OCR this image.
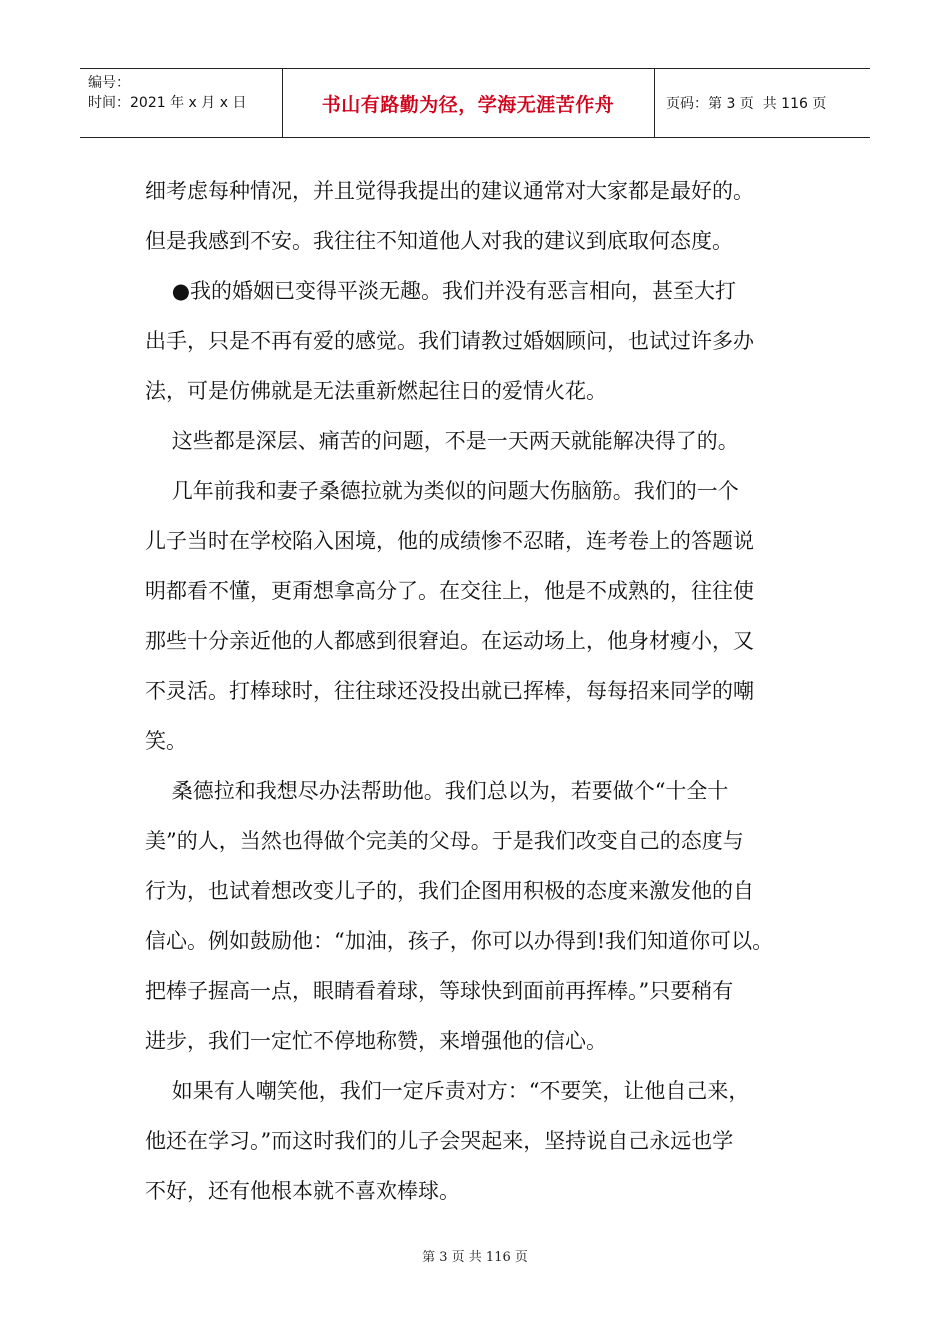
编号：
时间：2021 年 x 月 x 日	书山有路勤为径，学海无涯苦作舟	页码：第 3 页  共 116 页

细考虑每种情况，并且觉得我提出的建议通常对大家都是最好的。

但是我感到不安。我往往不知道他人对我的建议到底取何态度。

●我的婚姻已变得平淡无趣。我们并没有恶言相向，甚至大打

出手，只是不再有爱的感觉。我们请教过婚姻顾问，也试过许多办

法，可是仿佛就是无法重新燃起往日的爱情火花。

这些都是深层、痛苦的问题，不是一天两天就能解决得了的。

几年前我和妻子桑德拉就为类似的问题大伤脑筋。我们的一个

儿子当时在学校陷入困境，他的成绩惨不忍睹，连考卷上的答题说

明都看不懂，更甭想拿高分了。在交往上，他是不成熟的，往往使

那些十分亲近他的人都感到很窘迫。在运动场上，他身材瘦小，又

不灵活。打棒球时，往往球还没投出就已挥棒，每每招来同学的嘲

笑。

桑德拉和我想尽办法帮助他。我们总以为，若要做个“十全十

美”的人，当然也得做个完美的父母。于是我们改变自己的态度与

行为，也试着想改变儿子的，我们企图用积极的态度来激发他的自

信心。例如鼓励他：“加油，孩子，你可以办得到!我们知道你可以。

把棒子握高一点，眼睛看着球，等球快到面前再挥棒。”只要稍有

进步，我们一定忙不停地称赞，来增强他的信心。

如果有人嘲笑他，我们一定斥责对方：“不要笑，让他自己来，

他还在学习。”而这时我们的儿子会哭起来，坚持说自己永远也学

不好，还有他根本就不喜欢棒球。

第 3 页 共 116 页
